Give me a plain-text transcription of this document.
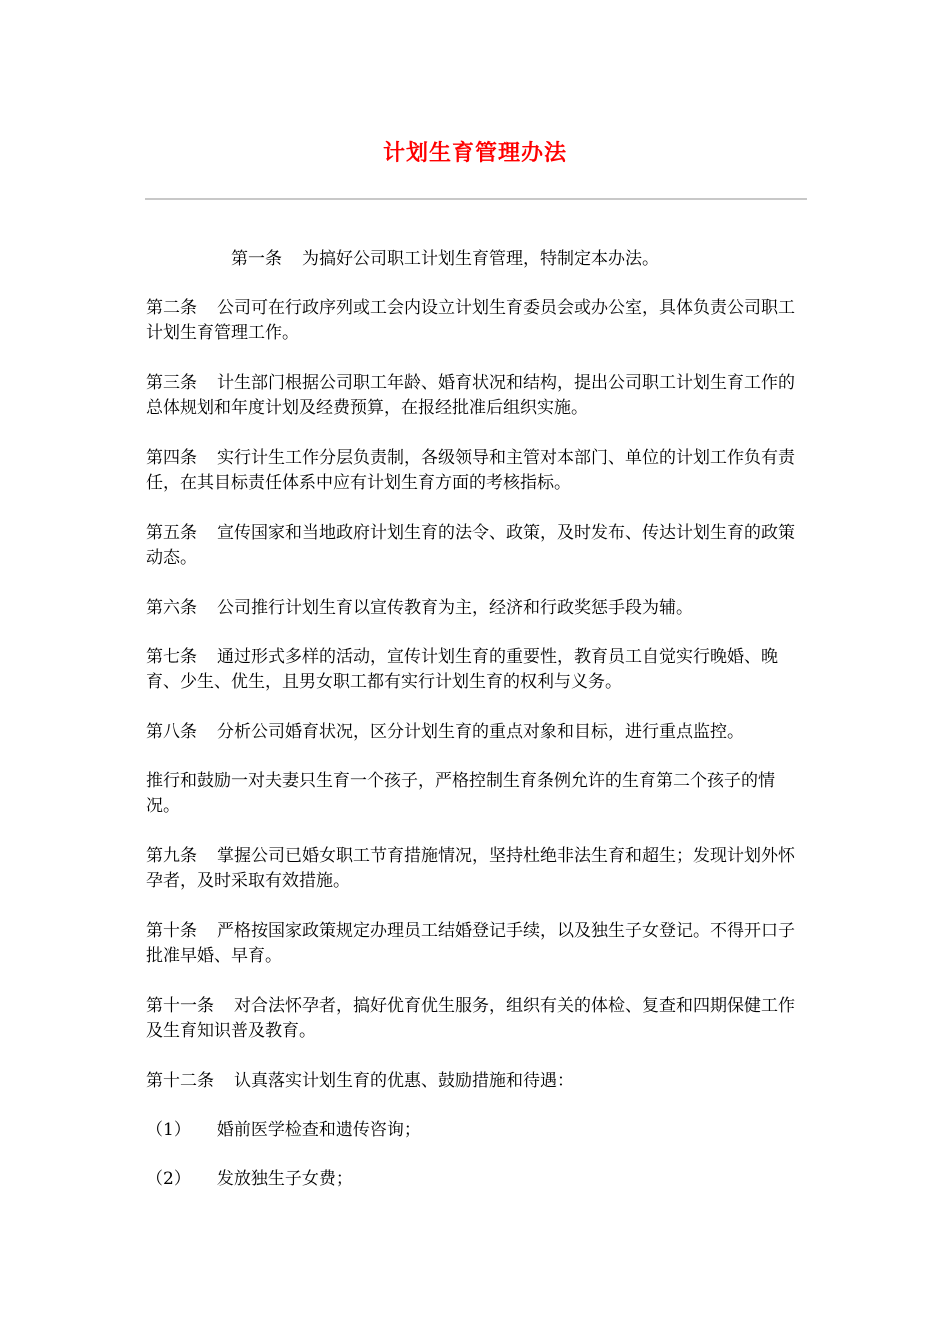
计划生育管理办法
第一条 为搞好公司职工计划生育管理，特制定本办法。
第二条 公司可在行政序列或工会内设立计划生育委员会或办公室，具体负责公司职工计划生育管理工作。
第三条 计生部门根据公司职工年龄、婚育状况和结构，提出公司职工计划生育工作的总体规划和年度计划及经费预算，在报经批准后组织实施。
第四条 实行计生工作分层负责制，各级领导和主管对本部门、单位的计划工作负有责任，在其目标责任体系中应有计划生育方面的考核指标。
第五条 宣传国家和当地政府计划生育的法令、政策，及时发布、传达计划生育的政策动态。
第六条 公司推行计划生育以宣传教育为主，经济和行政奖惩手段为辅。
第七条 通过形式多样的活动，宣传计划生育的重要性，教育员工自觉实行晚婚、晚育、少生、优生，且男女职工都有实行计划生育的权利与义务。
第八条 分析公司婚育状况，区分计划生育的重点对象和目标，进行重点监控。
推行和鼓励一对夫妻只生育一个孩子，严格控制生育条例允许的生育第二个孩子的情况。
第九条 掌握公司已婚女职工节育措施情况，坚持杜绝非法生育和超生；发现计划外怀孕者，及时采取有效措施。
第十条 严格按国家政策规定办理员工结婚登记手续，以及独生子女登记。不得开口子批准早婚、早育。
第十一条 对合法怀孕者，搞好优育优生服务，组织有关的体检、复查和四期保健工作及生育知识普及教育。
第十二条 认真落实计划生育的优惠、鼓励措施和待遇：
（1） 婚前医学检查和遗传咨询；
（2） 发放独生子女费；
